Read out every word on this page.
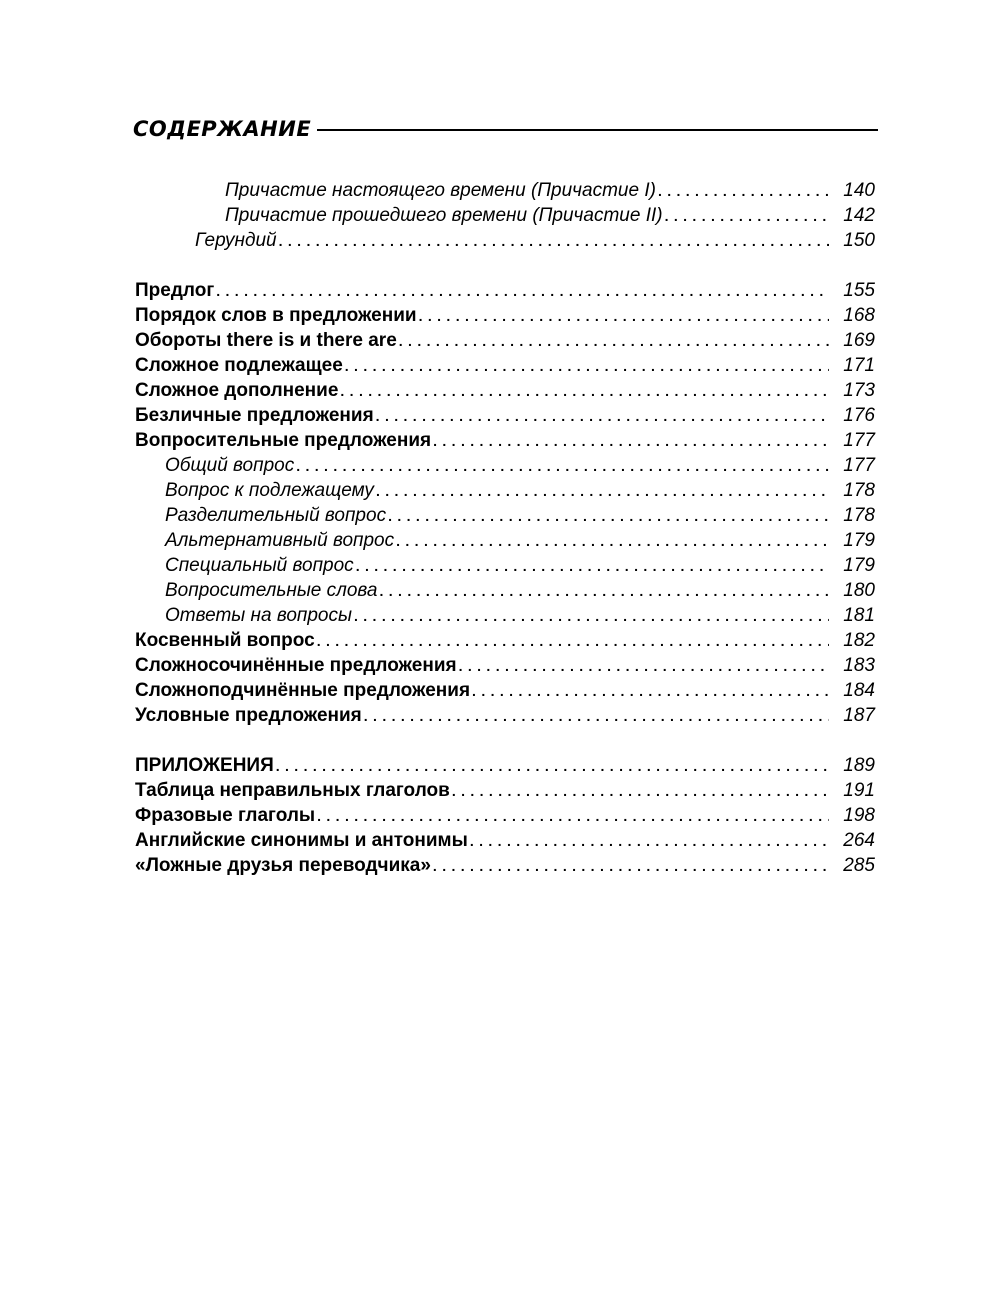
СОДЕРЖАНИЕ
Причастие настоящего времени (Причастие I) . . .	140
Причастие прошедшего времени (Причастие II) . . .	142
Герундий . . .	150
Предлог . . .	155
Порядок слов в предложении . . .	168
Обороты there is и there are . . .	169
Сложное подлежащее . . .	171
Сложное дополнение . . .	173
Безличные предложения . . .	176
Вопросительные предложения . . .	177
Общий вопрос . . .	177
Вопрос к подлежащему . . .	178
Разделительный вопрос . . .	178
Альтернативный вопрос . . .	179
Специальный вопрос . . .	179
Вопросительные слова . . .	180
Ответы на вопросы . . .	181
Косвенный вопрос . . .	182
Сложносочинённые предложения . . .	183
Сложноподчинённые предложения . . .	184
Условные предложения . . .	187
ПРИЛОЖЕНИЯ . . .	189
Таблица неправильных глаголов . . .	191
Фразовые глаголы . . .	198
Английские синонимы и антонимы . . .	264
«Ложные друзья переводчика» . . .	285
